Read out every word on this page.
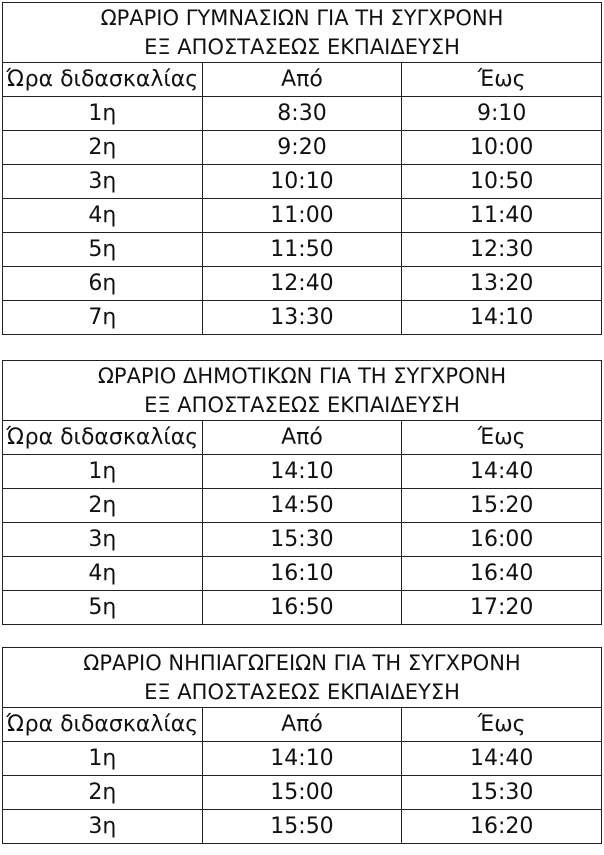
ΩΡΑΡΙΟ ΓΥΜΝΑΣΙΩΝ ΓΙΑ ΤΗ ΣΥΓΧΡΟΝΗ
ΕΞ ΑΠΟΣΤΑΣΕΩΣ ΕΚΠΑΙΔΕΥΣΗ		
Ώρα διδασκαλίας	Από	Έως
1η	8:30	9:10
2η	9:20	10:00
3η	10:10	10:50
4η	11:00	11:40
5η	11:50	12:30
6η	12:40	13:20
7η	13:30	14:10
ΩΡΑΡΙΟ ΔΗΜΟΤΙΚΩΝ ΓΙΑ ΤΗ ΣΥΓΧΡΟΝΗ
ΕΞ ΑΠΟΣΤΑΣΕΩΣ ΕΚΠΑΙΔΕΥΣΗ		
Ώρα διδασκαλίας	Από	Έως
1η	14:10	14:40
2η	14:50	15:20
3η	15:30	16:00
4η	16:10	16:40
5η	16:50	17:20
ΩΡΑΡΙΟ ΝΗΠΙΑΓΩΓΕΙΩΝ ΓΙΑ ΤΗ ΣΥΓΧΡΟΝΗ
ΕΞ ΑΠΟΣΤΑΣΕΩΣ ΕΚΠΑΙΔΕΥΣΗ		
Ώρα διδασκαλίας	Από	Έως
1η	14:10	14:40
2η	15:00	15:30
3η	15:50	16:20
